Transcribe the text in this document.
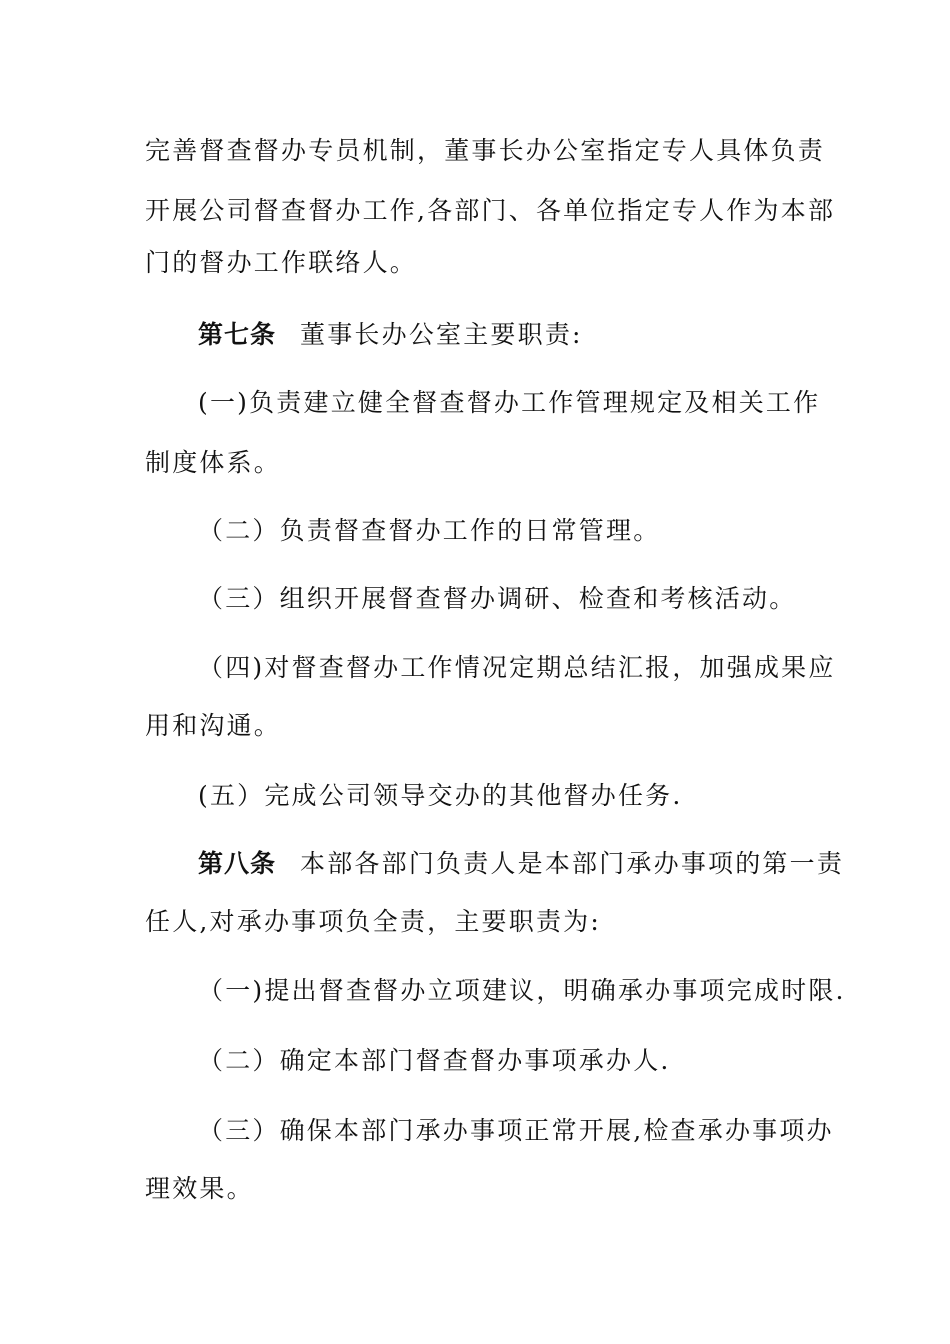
完善督查督办专员机制，董事长办公室指定专人具体负责
开展公司督查督办工作,各部门、各单位指定专人作为本部
门的督办工作联络人。
第七条 董事长办公室主要职责:
(一)负责建立健全督查督办工作管理规定及相关工作
制度体系。
（二）负责督查督办工作的日常管理。
（三）组织开展督查督办调研、检查和考核活动。
（四)对督查督办工作情况定期总结汇报，加强成果应
用和沟通。
(五）完成公司领导交办的其他督办任务.
第八条 本部各部门负责人是本部门承办事项的第一责
任人,对承办事项负全责，主要职责为:
（一)提出督查督办立项建议，明确承办事项完成时限.
（二）确定本部门督查督办事项承办人.
（三）确保本部门承办事项正常开展,检查承办事项办
理效果。
